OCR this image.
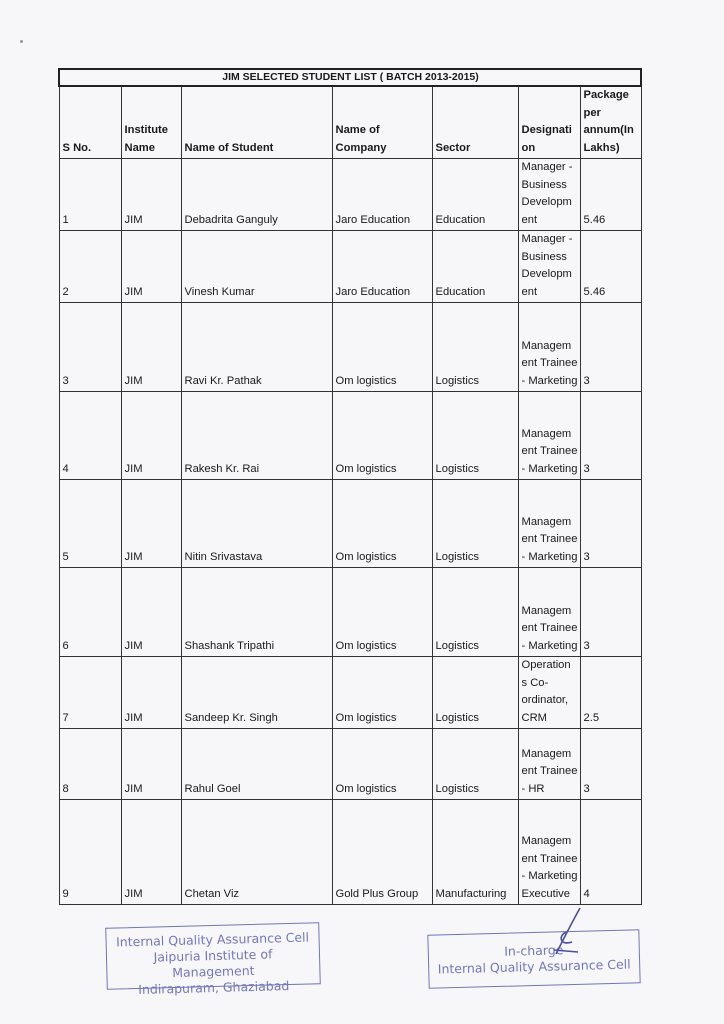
JIM SELECTED STUDENT LIST ( BATCH 2013-2015)						
S No.	Institute Name	Name of Student	Name of Company	Sector	Designati on	Package per annum(In Lakhs)
1	JIM	Debadrita Ganguly	Jaro Education	Education	Manager - Business Developm ent	5.46
2	JIM	Vinesh Kumar	Jaro Education	Education	Manager - Business Developm ent	5.46
3	JIM	Ravi Kr. Pathak	Om logistics	Logistics	Managem ent Trainee - Marketing	3
4	JIM	Rakesh Kr. Rai	Om logistics	Logistics	Managem ent Trainee - Marketing	3
5	JIM	Nitin Srivastava	Om logistics	Logistics	Managem ent Trainee - Marketing	3
6	JIM	Shashank Tripathi	Om logistics	Logistics	Managem ent Trainee - Marketing	3
7	JIM	Sandeep Kr. Singh	Om logistics	Logistics	Operation s Co- ordinator, CRM	2.5
8	JIM	Rahul Goel	Om logistics	Logistics	Managem ent Trainee - HR	3
9	JIM	Chetan Viz	Gold Plus Group	Manufacturing	Managem ent Trainee - Marketing Executive	4
Internal Quality Assurance Cell
Jaipuria Institute of Management
Indirapuram, Ghaziabad
In-charge
Internal Quality Assurance Cell
